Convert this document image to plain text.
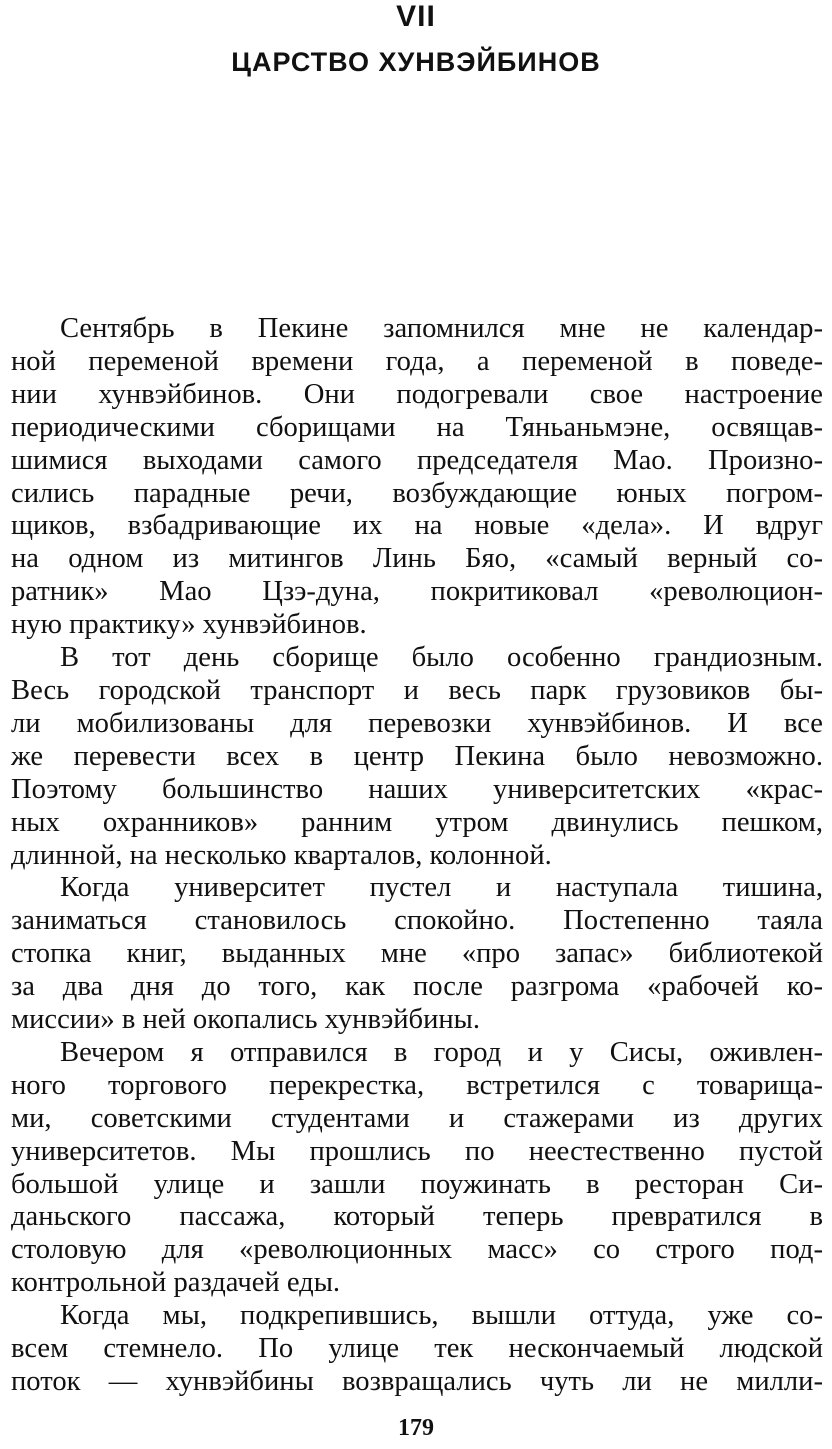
VII
ЦАРСТВО ХУНВЭЙБИНОВ

Сентябрь в Пекине запомнился мне не календар-
ной переменой времени года, а переменой в поведе-
нии хунвэйбинов. Они подогревали свое настроение
периодическими сборищами на Тяньаньмэне, освящав-
шимися выходами самого председателя Мао. Произно-
сились парадные речи, возбуждающие юных погром-
щиков, взбадривающие их на новые «дела». И вдруг
на одном из митингов Линь Бяо, «самый верный со-
ратник» Мао Цзэ-дуна, покритиковал «революцион-
ную практику» хунвэйбинов.

В тот день сборище было особенно грандиозным.
Весь городской транспорт и весь парк грузовиков бы-
ли мобилизованы для перевозки хунвэйбинов. И все
же перевести всех в центр Пекина было невозможно.
Поэтому большинство наших университетских «крас-
ных охранников» ранним утром двинулись пешком,
длинной, на несколько кварталов, колонной.

Когда университет пустел и наступала тишина,
заниматься становилось спокойно. Постепенно таяла
стопка книг, выданных мне «про запас» библиотекой
за два дня до того, как после разгрома «рабочей ко-
миссии» в ней окопались хунвэйбины.

Вечером я отправился в город и у Сисы, оживлен-
ного торгового перекрестка, встретился с товарища-
ми, советскими студентами и стажерами из других
университетов. Мы прошлись по неестественно пустой
большой улице и зашли поужинать в ресторан Си-
даньского пассажа, который теперь превратился в
столовую для «революционных масс» со строго под-
контрольной раздачей еды.

Когда мы, подкрепившись, вышли оттуда, уже со-
всем стемнело. По улице тек нескончаемый людской
поток — хунвэйбины возвращались чуть ли не милли-

179
